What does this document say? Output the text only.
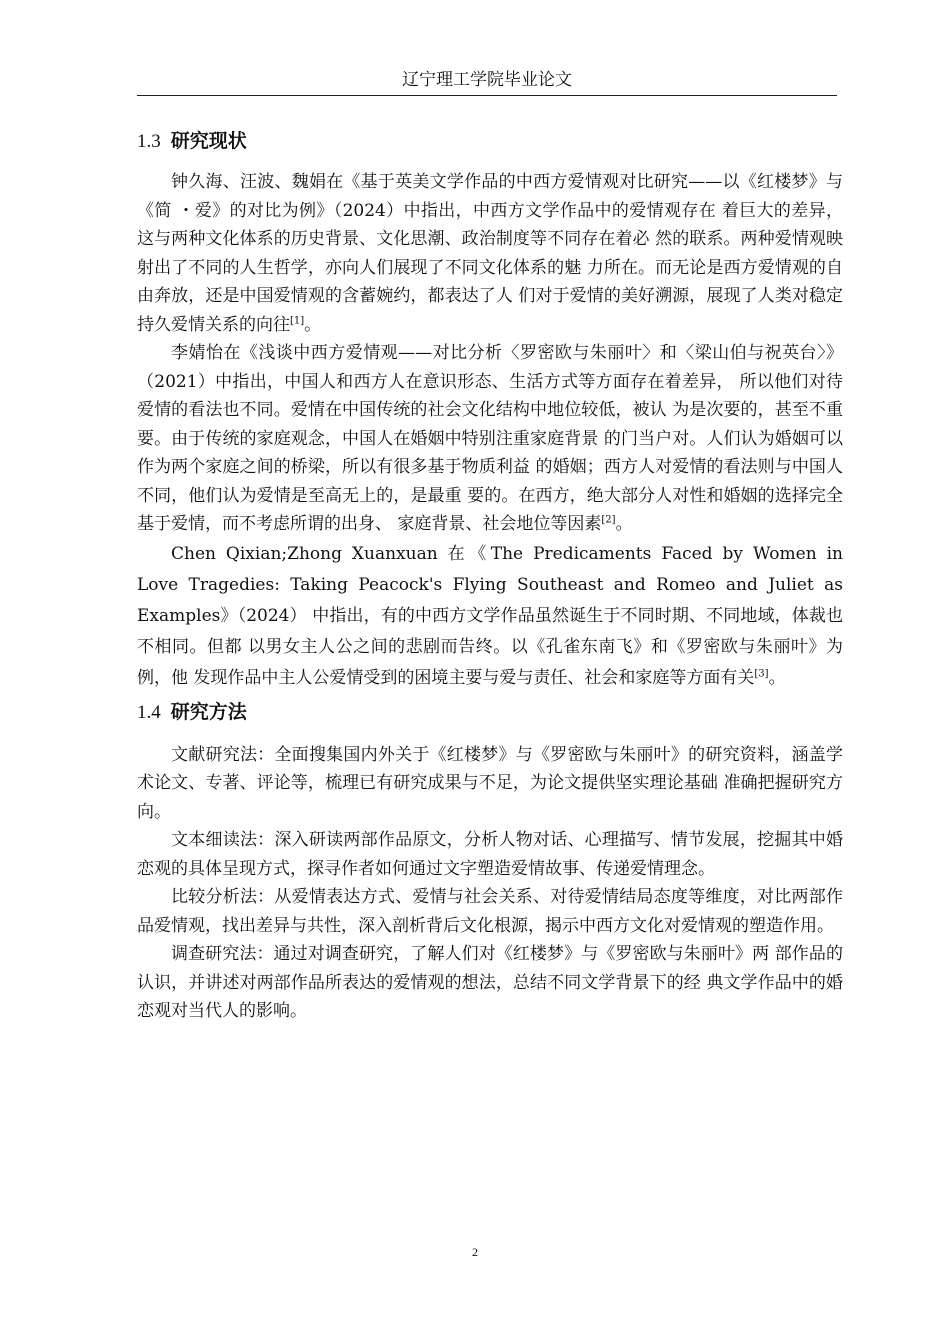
辽宁理工学院毕业论文
1.3 研究现状

钟久海、汪波、魏娟在《基于英美文学作品的中西方爱情观对比研究——以《红楼梦》与《简 ・爱》的对比为例》（2024）中指出，中西方文学作品中的爱情观存在 着巨大的差异，这与两种文化体系的历史背景、文化思潮、政治制度等不同存在着必 然的联系。两种爱情观映射出了不同的人生哲学，亦向人们展现了不同文化体系的魅 力所在。而无论是西方爱情观的自由奔放，还是中国爱情观的含蓄婉约，都表达了人 们对于爱情的美好溯源，展现了人类对稳定持久爱情关系的向往[1]。

李婧怡在《浅谈中西方爱情观——对比分析〈罗密欧与朱丽叶〉和〈梁山伯与祝英台〉》（2021）中指出，中国人和西方人在意识形态、生活方式等方面存在着差异， 所以他们对待爱情的看法也不同。爱情在中国传统的社会文化结构中地位较低，被认 为是次要的，甚至不重要。由于传统的家庭观念，中国人在婚姻中特别注重家庭背景 的门当户对。人们认为婚姻可以作为两个家庭之间的桥梁，所以有很多基于物质利益 的婚姻；西方人对爱情的看法则与中国人不同，他们认为爱情是至高无上的，是最重 要的。在西方，绝大部分人对性和婚姻的选择完全基于爱情，而不考虑所谓的出身、 家庭背景、社会地位等因素[2]。

Chen Qixian;Zhong Xuanxuan 在《The Predicaments Faced by Women in Love Tragedies: Taking Peacock's Flying Southeast and Romeo and Juliet as Examples》（2024） 中指出，有的中西方文学作品虽然诞生于不同时期、不同地域，体裁也不相同。但都 以男女主人公之间的悲剧而告终。以《孔雀东南飞》和《罗密欧与朱丽叶》为例，他 发现作品中主人公爱情受到的困境主要与爱与责任、社会和家庭等方面有关[3]。

1.4 研究方法

文献研究法：全面搜集国内外关于《红楼梦》与《罗密欧与朱丽叶》的研究资料，涵盖学术论文、专著、评论等，梳理已有研究成果与不足，为论文提供坚实理论基础 准确把握研究方向。

文本细读法：深入研读两部作品原文，分析人物对话、心理描写、情节发展，挖掘其中婚恋观的具体呈现方式，探寻作者如何通过文字塑造爱情故事、传递爱情理念。

比较分析法：从爱情表达方式、爱情与社会关系、对待爱情结局态度等维度，对比两部作品爱情观，找出差异与共性，深入剖析背后文化根源，揭示中西方文化对爱情观的塑造作用。

调查研究法：通过对调查研究，了解人们对《红楼梦》与《罗密欧与朱丽叶》两 部作品的认识，并讲述对两部作品所表达的爱情观的想法，总结不同文学背景下的经 典文学作品中的婚恋观对当代人的影响。

2
